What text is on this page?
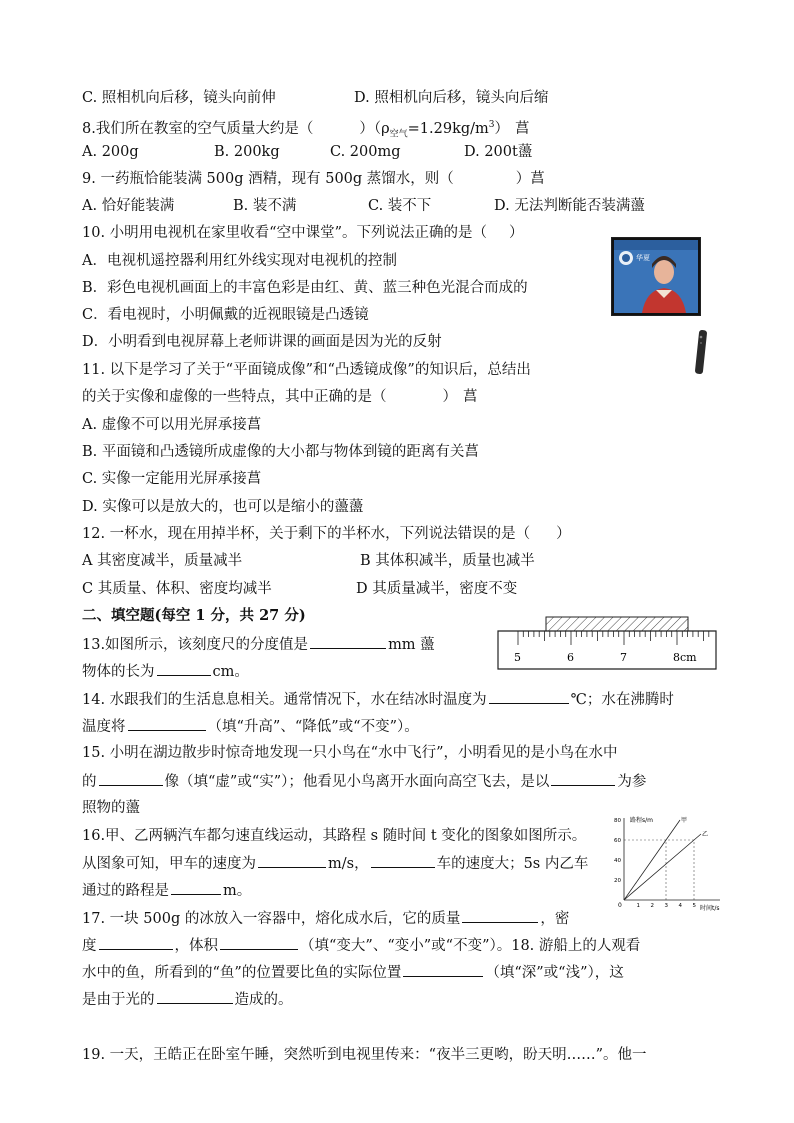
C. 照相机向后移，镜头向前伸	D. 照相机向后移，镜头向后缩
8.我们所在教室的空气质量大约是（	）$(\rho_{空气}=1.29kg/m^3)$ 菖
A. 200g	B. 200kg	C. 200mg	D. 200t蘯
9. 一药瓶恰能装满 500g 酒精，现有 500g 蒸馏水，则（	）菖
A. 恰好能装满	B. 装不满	C. 装不下	D. 无法判断能否装满蘯
10. 小明用电视机在家里收看“空中课堂”。下列说法正确的是（ ）
A．电视机遥控器利用红外线实现对电视机的控制
B．彩色电视机画面上的丰富色彩是由红、黄、蓝三种色光混合而成的
C．看电视时，小明佩戴的近视眼镜是凸透镜
D．小明看到电视屏幕上老师讲课的画面是因为光的反射
华夏
11. 以下是学习了关于“平面镜成像”和“凸透镜成像”的知识后，总结出
的关于实像和虚像的一些特点，其中正确的是（	） 菖
A. 虚像不可以用光屏承接菖
B. 平面镜和凸透镜所成虚像的大小都与物体到镜的距离有关菖
C. 实像一定能用光屏承接菖
D. 实像可以是放大的，也可以是缩小的蘯蘯
12. 一杯水，现在用掉半杯，关于剩下的半杯水，下列说法错误的是（ ）
A 其密度减半，质量减半	B 其体积减半，质量也减半
C 其质量、体积、密度均减半	D 其质量减半，密度不变
二、填空题(每空 1 分，共 27 分)
13.如图所示，该刻度尺的分度值是	mm 蘯
物体的长为	cm。
5	6	7	8cm
14. 水跟我们的生活息息相关。通常情况下，水在结冰时温度为	℃；水在沸腾时
温度将	（填“升高”、“降低”或“不变”）。
15. 小明在湖边散步时惊奇地发现一只小鸟在“水中飞行”，小明看见的是小鸟在水中
的	像（填“虚”或“实”）；他看见小鸟离开水面向高空飞去，是以	为参
照物的蘯
16.甲、乙两辆汽车都匀速直线运动，其路程 s 随时间 t 变化的图象如图所示。
从图象可知，甲车的速度为	m/s，	车的速度大；5s 内乙车
通过的路程是	m。
路程s/m
时间t/s
0
20
40
60
80
1 2 3 4 5
甲
乙
17. 一块 500g 的冰放入一容器中，熔化成水后，它的质量	，密
度	，体积	（填“变大”、“变小”或“不变”）。18. 游船上的人观看
水中的鱼，所看到的“鱼”的位置要比鱼的实际位置	（填“深”或“浅”），这
是由于光的	造成的。
19. 一天，王皓正在卧室午睡，突然听到电视里传来：“夜半三更哟，盼天明……”。他一
